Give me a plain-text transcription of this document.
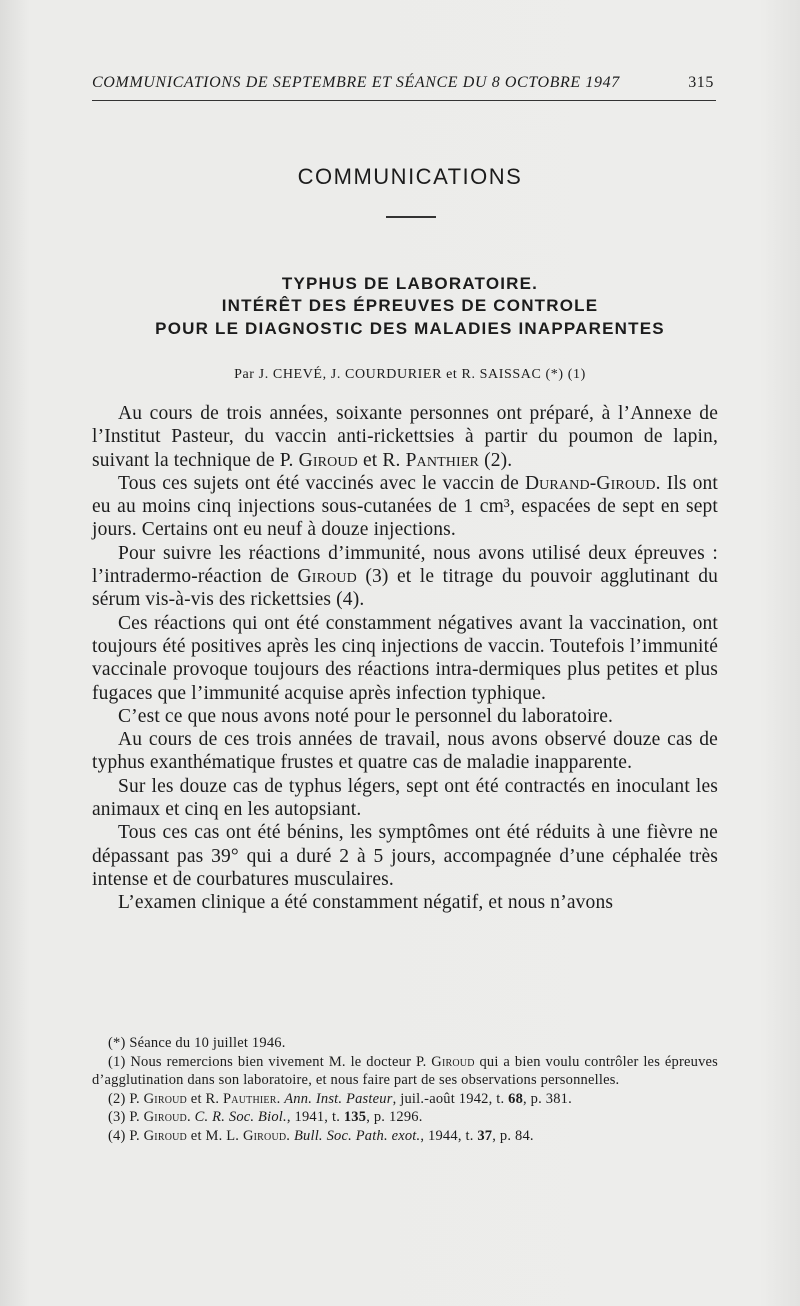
COMMUNICATIONS DE SEPTEMBRE ET SÉANCE DU 8 OCTOBRE 1947	315
COMMUNICATIONS
TYPHUS DE LABORATOIRE.
INTÉRÊT DES ÉPREUVES DE CONTROLE
POUR LE DIAGNOSTIC DES MALADIES INAPPARENTES
Par J. CHEVÉ, J. COURDURIER et R. SAISSAC (*) (1)

Au cours de trois années, soixante personnes ont préparé, à l’Annexe de l’Institut Pasteur, du vaccin anti-rickettsies à partir du poumon de lapin, suivant la technique de P. Giroud et R. Panthier (2).

Tous ces sujets ont été vaccinés avec le vaccin de Durand-Giroud. Ils ont eu au moins cinq injections sous-cutanées de 1 cm³, espacées de sept en sept jours. Certains ont eu neuf à douze injections.

Pour suivre les réactions d’immunité, nous avons utilisé deux épreuves : l’intradermo-réaction de Giroud (3) et le titrage du pouvoir agglutinant du sérum vis-à-vis des rickettsies (4).

Ces réactions qui ont été constamment négatives avant la vaccination, ont toujours été positives après les cinq injections de vaccin. Toutefois l’immunité vaccinale provoque toujours des réactions intra-dermiques plus petites et plus fugaces que l’immunité acquise après infection typhique.

C’est ce que nous avons noté pour le personnel du laboratoire.

Au cours de ces trois années de travail, nous avons observé douze cas de typhus exanthématique frustes et quatre cas de maladie inapparente.

Sur les douze cas de typhus légers, sept ont été contractés en inoculant les animaux et cinq en les autopsiant.

Tous ces cas ont été bénins, les symptômes ont été réduits à une fièvre ne dépassant pas 39° qui a duré 2 à 5 jours, accompagnée d’une céphalée très intense et de courbatures musculaires.

L’examen clinique a été constamment négatif, et nous n’avons

(*) Séance du 10 juillet 1946.

(1) Nous remercions bien vivement M. le docteur P. Giroud qui a bien voulu contrôler les épreuves d’agglutination dans son laboratoire, et nous faire part de ses observations personnelles.

(2) P. Giroud et R. Pauthier. Ann. Inst. Pasteur, juil.-août 1942, t. 68, p. 381.

(3) P. Giroud. C. R. Soc. Biol., 1941, t. 135, p. 1296.

(4) P. Giroud et M. L. Giroud. Bull. Soc. Path. exot., 1944, t. 37, p. 84.
